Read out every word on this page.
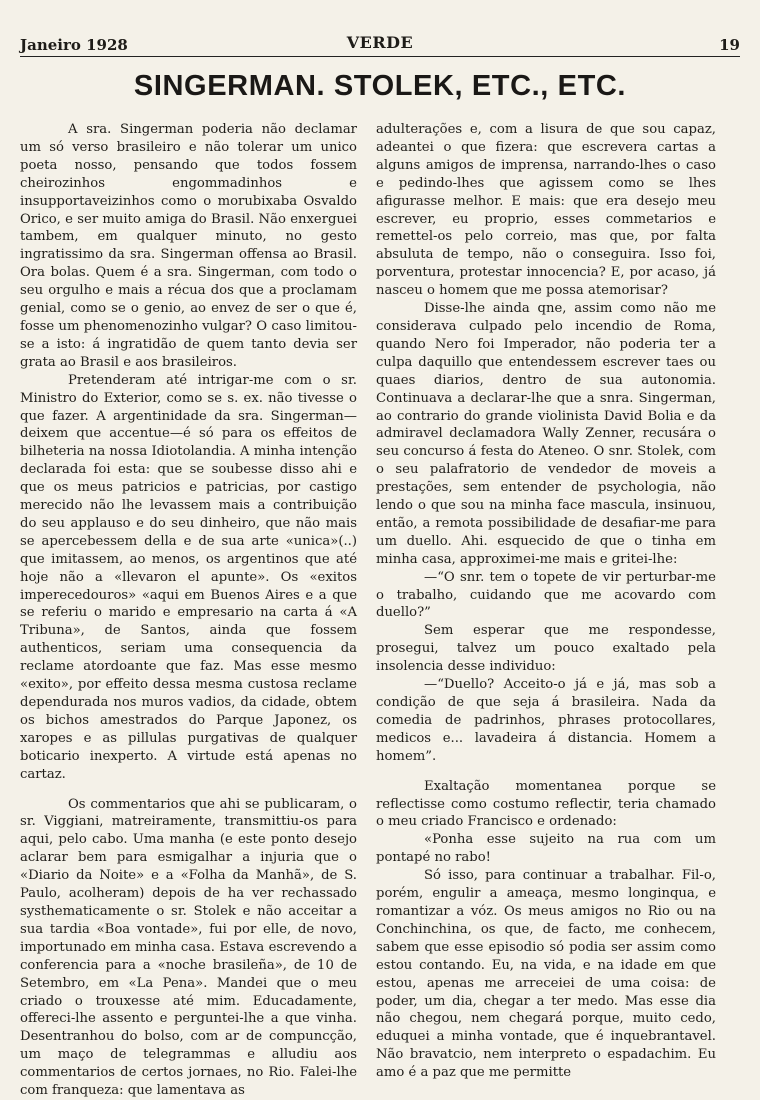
Janeiro 1928	VERDE	19
SINGERMAN. STOLEK, ETC., ETC.

A sra. Singerman poderia não declamar um só verso brasileiro e não tolerar um unico poeta nosso, pensando que todos fossem cheirozinhos engommadinhos e insupportaveizinhos como o morubixaba Osvaldo Orico, e ser muito amiga do Brasil. Não enxerguei tambem, em qualquer minuto, no gesto ingratissimo da sra. Singerman offensa ao Brasil. Ora bolas. Quem é a sra. Singerman, com todo o seu orgulho e mais a récua dos que a proclamam genial, como se o genio, ao envez de ser o que é, fosse um phenomenozinho vulgar? O caso limitou-se a isto: á ingratidão de quem tanto devia ser grata ao Brasil e aos brasileiros.

Pretenderam até intrigar-me com o sr. Ministro do Exterior, como se s. ex. não tivesse o que fazer. A argentinidade da sra. Singerman—deixem que accentue—é só para os effeitos de bilheteria na nossa Idiotolandia. A minha intenção declarada foi esta: que se soubesse disso ahi e que os meus patricios e patricias, por castigo merecido não lhe levassem mais a contribuição do seu applauso e do seu dinheiro, que não mais se apercebessem della e de sua arte «unica»(..) que imitassem, ao menos, os argentinos que até hoje não a «llevaron el apunte». Os «exitos imperecedouros» «aqui em Buenos Aires e a que se referiu o marido e empresario na carta á «A Tribuna», de Santos, ainda que fossem authenticos, seriam uma consequencia da reclame atordoante que faz. Mas esse mesmo «exito», por effeito dessa mesma custosa reclame dependurada nos muros vadios, da cidade, obtem os bichos amestrados do Parque Japonez, os xaropes e as pillulas purgativas de qualquer boticario inexperto. A virtude está apenas no cartaz.

Os commentarios que ahi se publicaram, o sr. Viggiani, matreiramente, transmittiu-os para aqui, pelo cabo. Uma manha (e este ponto desejo aclarar bem para esmigalhar a injuria que o «Diario da Noite» e a «Folha da Manhã», de S. Paulo, acolheram) depois de ha ver rechassado systhematicamente o sr. Stolek e não acceitar a sua tardia «Boa vontade», fui por elle, de novo, importunado em minha casa. Estava escrevendo a conferencia para a «noche brasileña», de 10 de Setembro, em «La Pena». Mandei que o meu criado o trouxesse até mim. Educadamente, offereci-lhe assento e perguntei-lhe a que vinha. Desentranhou do bolso, com ar de compuncção, um maço de telegrammas e alludiu aos commentarios de certos jornaes, no Rio. Falei-lhe com franqueza: que lamentava as

adulterações e, com a lisura de que sou capaz, adeantei o que fizera: que escrevera cartas a alguns amigos de imprensa, narrando-lhes o caso e pedindo-lhes que agissem como se lhes afigurasse melhor. E mais: que era desejo meu escrever, eu proprio, esses commetarios e remettel-os pelo correio, mas que, por falta absuluta de tempo, não o conseguira. Isso foi, porventura, protestar innocencia? E, por acaso, já nasceu o homem que me possa atemorisar?

Disse-lhe ainda qne, assim como não me considerava culpado pelo incendio de Roma, quando Nero foi Imperador, não poderia ter a culpa daquillo que entendessem escrever taes ou quaes diarios, dentro de sua autonomia. Continuava a declarar-lhe que a snra. Singerman, ao contrario do grande violinista David Bolia e da admiravel declamadora Wally Zenner, recusára o seu concurso á festa do Ateneo. O snr. Stolek, com o seu palafratorio de vendedor de moveis a prestações, sem entender de psychologia, não lendo o que sou na minha face mascula, insinuou, então, a remota possibilidade de desafiar-me para um duello. Ahi. esquecido de que o tinha em minha casa, approximei-me mais e gritei-lhe:

—“O snr. tem o topete de vir perturbar-me o trabalho, cuidando que me acovardo com duello?”

Sem esperar que me respondesse, prosegui, talvez um pouco exaltado pela insolencia desse individuo:

—“Duello? Acceito-o já e já, mas sob a condição de que seja á brasileira. Nada da comedia de padrinhos, phrases protocollares, medicos e... lavadeira á distancia. Homem a homem”.

Exaltação momentanea porque se reflectisse como costumo reflectir, teria chamado o meu criado Francisco e ordenado:

«Ponha esse sujeito na rua com um pontapé no rabo!

Só isso, para continuar a trabalhar. Fil-o, porém, engulir a ameaça, mesmo longinqua, e romantizar a vóz. Os meus amigos no Rio ou na Conchinchina, os que, de facto, me conhecem, sabem que esse episodio só podia ser assim como estou contando. Eu, na vida, e na idade em que estou, apenas me arreceiei de uma coisa: de poder, um dia, chegar a ter medo. Mas esse dia não chegou, nem chegará porque, muito cedo, eduquei a minha vontade, que é inquebrantavel. Não bravatcio, nem interpreto o espadachim. Eu amo é a paz que me permitte
